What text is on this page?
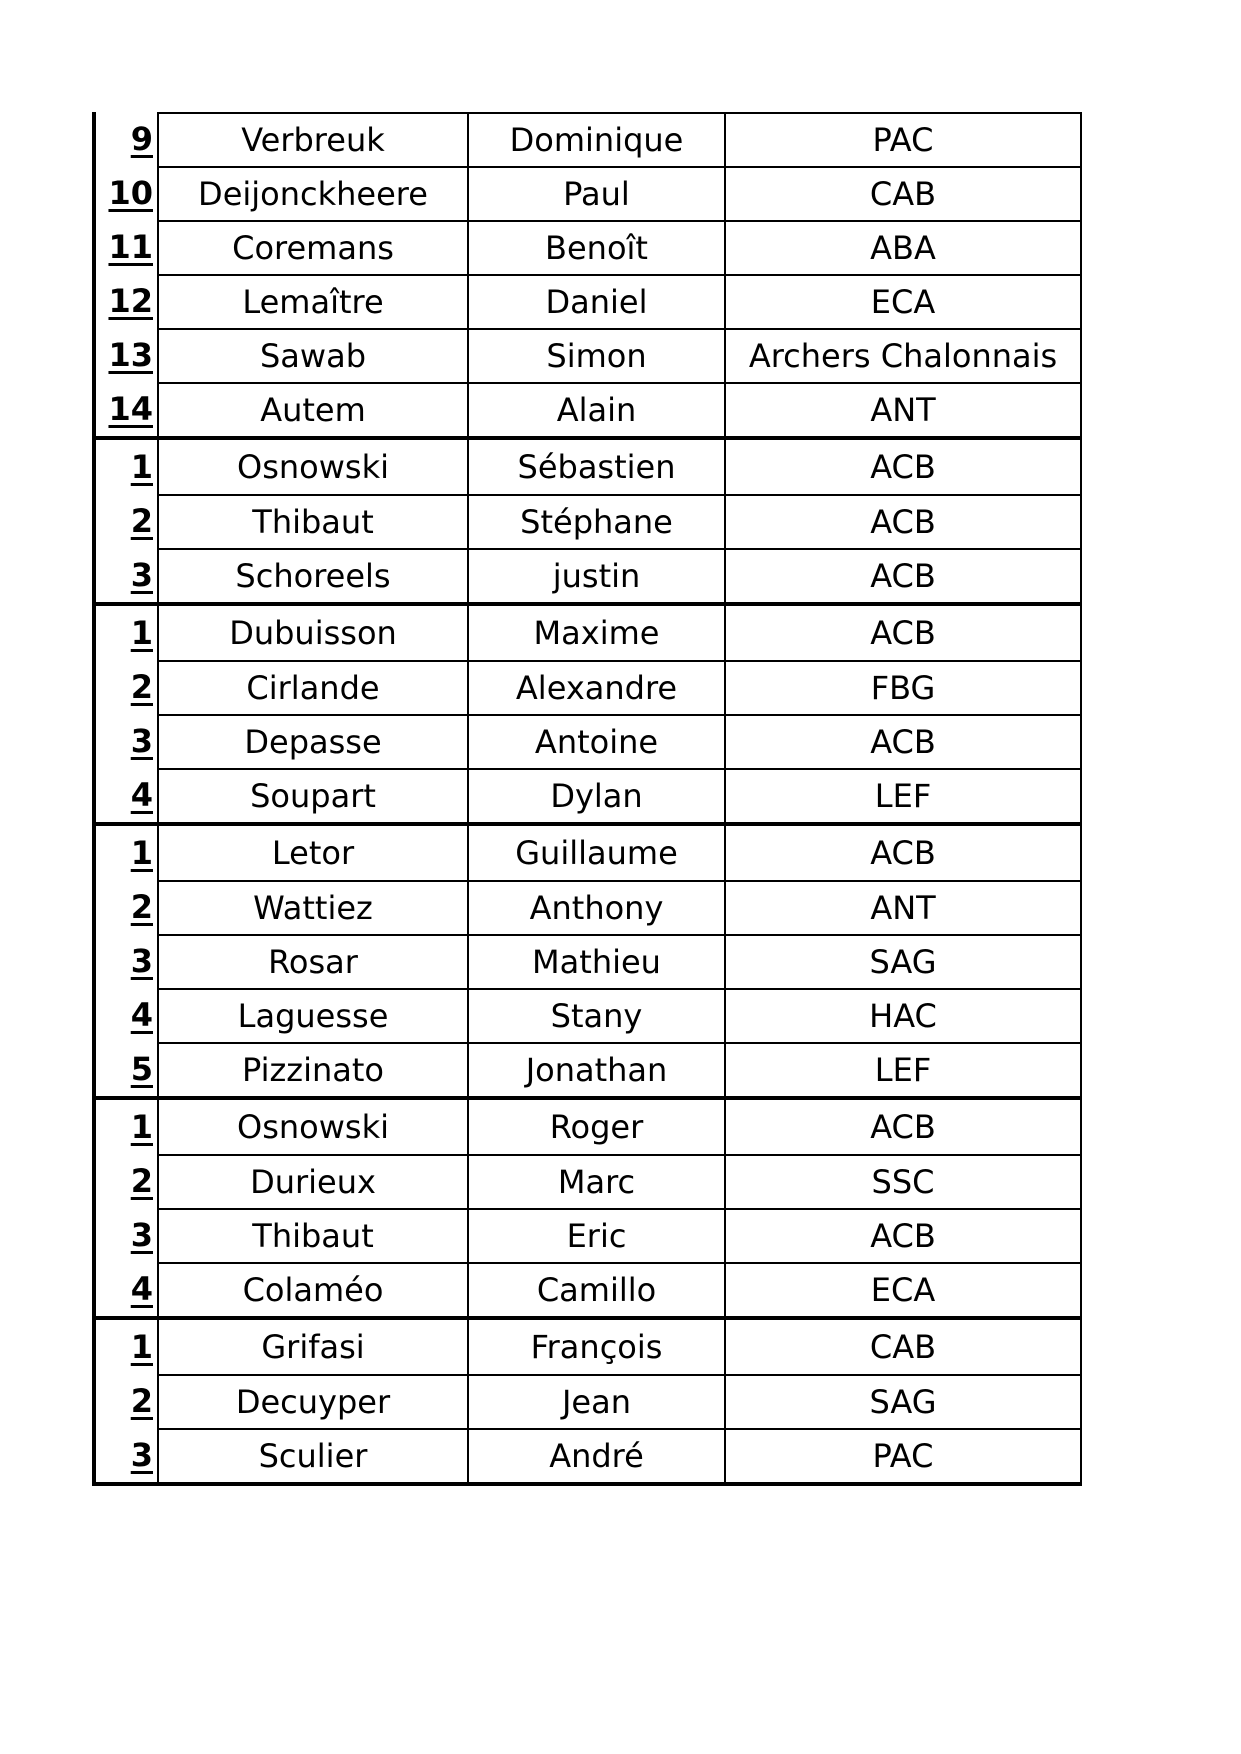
9	Verbreuk	Dominique	PAC
10	Deijonckheere	Paul	CAB
11	Coremans	Benoît	ABA
12	Lemaître	Daniel	ECA
13	Sawab	Simon	Archers Chalonnais
14	Autem	Alain	ANT
1	Osnowski	Sébastien	ACB
2	Thibaut	Stéphane	ACB
3	Schoreels	justin	ACB
1	Dubuisson	Maxime	ACB
2	Cirlande	Alexandre	FBG
3	Depasse	Antoine	ACB
4	Soupart	Dylan	LEF
1	Letor	Guillaume	ACB
2	Wattiez	Anthony	ANT
3	Rosar	Mathieu	SAG
4	Laguesse	Stany	HAC
5	Pizzinato	Jonathan	LEF
1	Osnowski	Roger	ACB
2	Durieux	Marc	SSC
3	Thibaut	Eric	ACB
4	Colaméo	Camillo	ECA
1	Grifasi	François	CAB
2	Decuyper	Jean	SAG
3	Sculier	André	PAC
